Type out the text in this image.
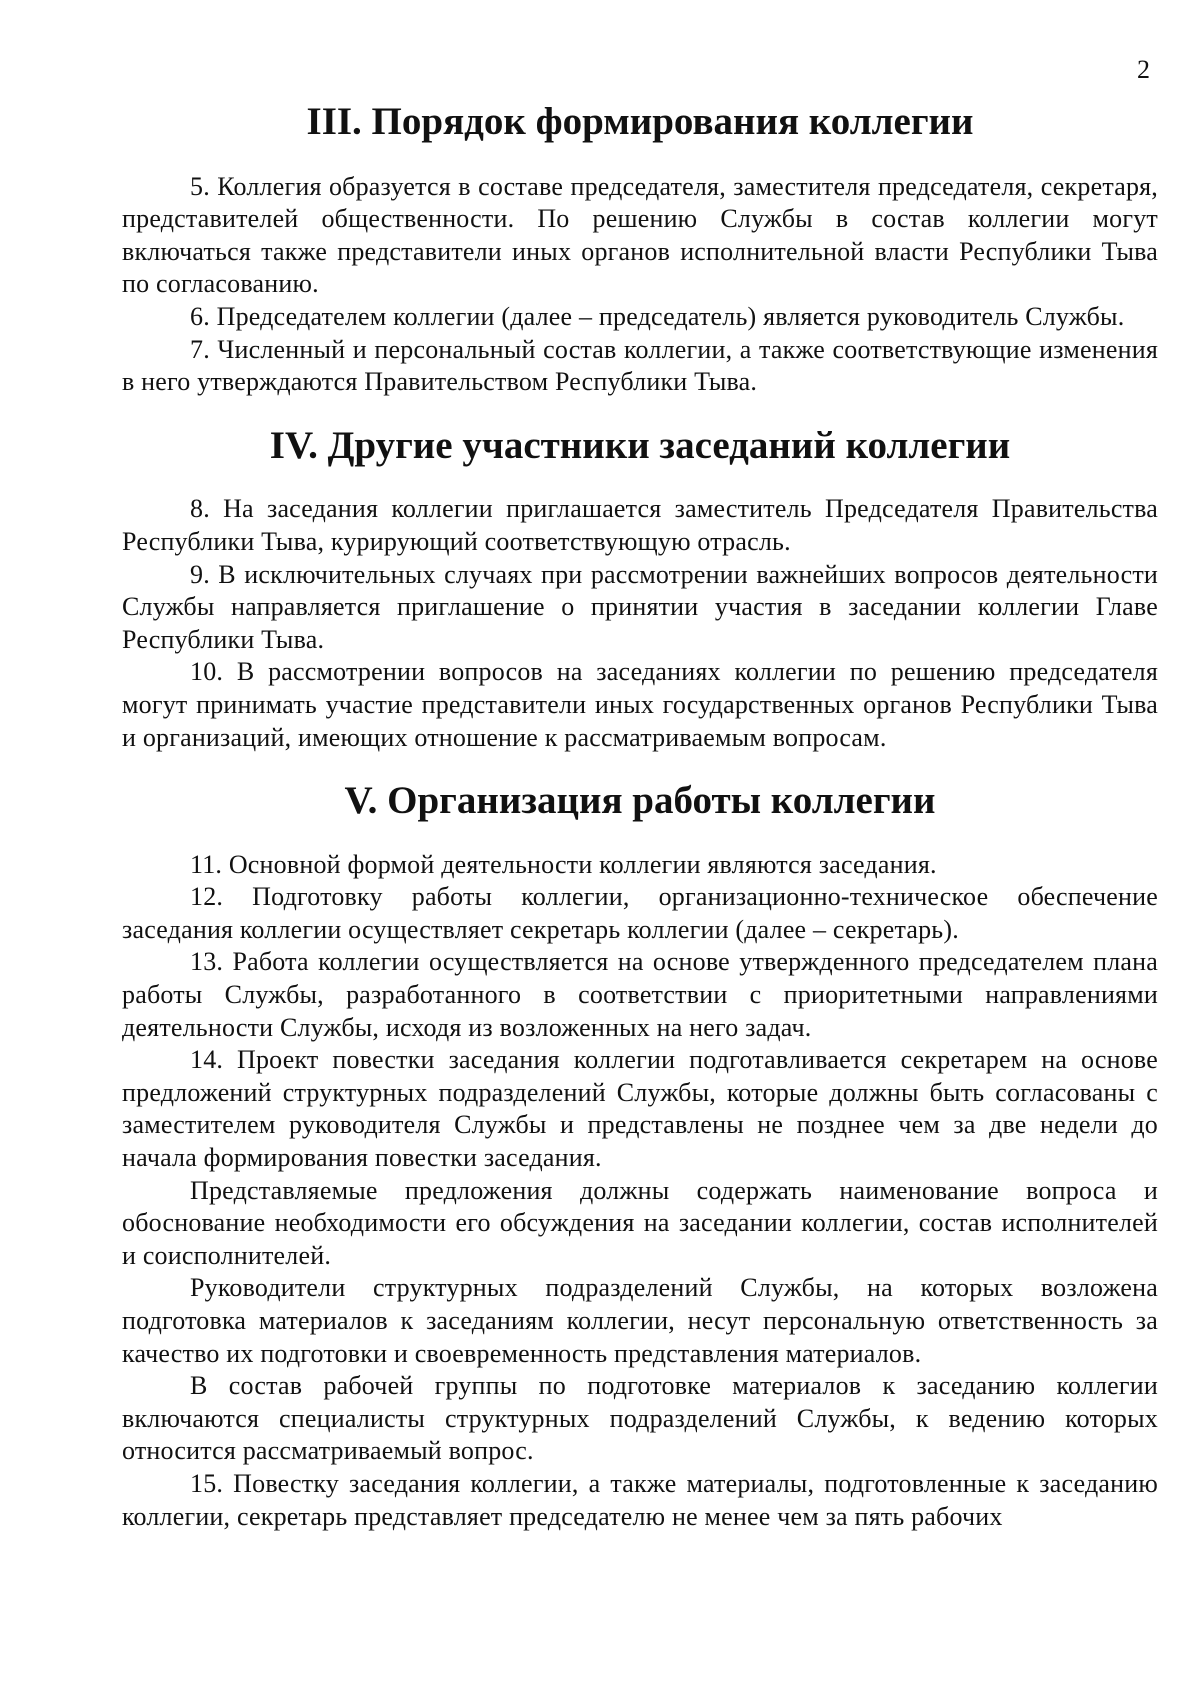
2
III. Порядок формирования коллегии

5. Коллегия образуется в составе председателя, заместителя председателя, секретаря, представителей общественности. По решению Службы в состав коллегии могут включаться также представители иных органов исполнительной власти Республики Тыва по согласованию.

6. Председателем коллегии (далее – председатель) является руководитель Службы.

7. Численный и персональный состав коллегии, а также соответствующие изменения в него утверждаются Правительством Республики Тыва.

IV. Другие участники заседаний коллегии

8. На заседания коллегии приглашается заместитель Председателя Правительства Республики Тыва, курирующий соответствующую отрасль.

9. В исключительных случаях при рассмотрении важнейших вопросов деятельности Службы направляется приглашение о принятии участия в заседании коллегии Главе Республики Тыва.

10. В рассмотрении вопросов на заседаниях коллегии по решению председателя могут принимать участие представители иных государственных органов Республики Тыва и организаций, имеющих отношение к рассматриваемым вопросам.

V. Организация работы коллегии

11. Основной формой деятельности коллегии являются заседания.

12. Подготовку работы коллегии, организационно-техническое обеспечение заседания коллегии осуществляет секретарь коллегии (далее – секретарь).

13. Работа коллегии осуществляется на основе утвержденного председателем плана работы Службы, разработанного в соответствии с приоритетными направлениями деятельности Службы, исходя из возложенных на него задач.

14. Проект повестки заседания коллегии подготавливается секретарем на основе предложений структурных подразделений Службы, которые должны быть согласованы с заместителем руководителя Службы и представлены не позднее чем за две недели до начала формирования повестки заседания.

Представляемые предложения должны содержать наименование вопроса и обоснование необходимости его обсуждения на заседании коллегии, состав исполнителей и соисполнителей.

Руководители структурных подразделений Службы, на которых возложена подготовка материалов к заседаниям коллегии, несут персональную ответственность за качество их подготовки и своевременность представления материалов.

В состав рабочей группы по подготовке материалов к заседанию коллегии включаются специалисты структурных подразделений Службы, к ведению которых относится рассматриваемый вопрос.

15. Повестку заседания коллегии, а также материалы, подготовленные к заседанию коллегии, секретарь представляет председателю не менее чем за пять рабочих
